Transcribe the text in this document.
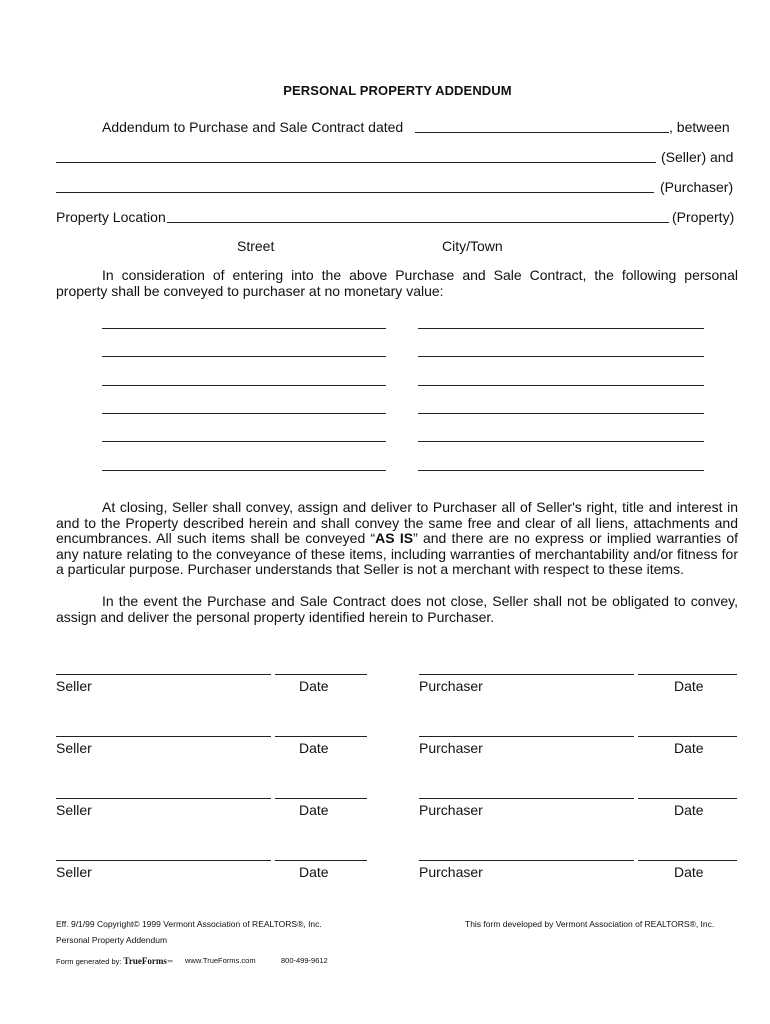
PERSONAL PROPERTY ADDENDUM
Addendum to Purchase and Sale Contract dated	, between
(Seller) and
(Purchaser)
Property Location	(Property)
Street	City/Town
In consideration of entering into the above Purchase and Sale Contract, the following personal property shall be conveyed to purchaser at no monetary value:
At closing, Seller shall convey, assign and deliver to Purchaser all of Seller's right, title and interest in and to the Property described herein and shall convey the same free and clear of all liens, attachments and encumbrances. All such items shall be conveyed “AS IS” and there are no express or implied warranties of any nature relating to the conveyance of these items, including warranties of merchantability and/or fitness for a particular purpose. Purchaser understands that Seller is not a merchant with respect to these items.
In the event the Purchase and Sale Contract does not close, Seller shall not be obligated to convey, assign and deliver the personal property identified herein to Purchaser.
Seller	Date	Purchaser	Date
Seller	Date	Purchaser	Date
Seller	Date	Purchaser	Date
Seller	Date	Purchaser	Date
Eff. 9/1/99 Copyright© 1999 Vermont Association of REALTORS®, Inc.	This form developed by Vermont Association of REALTORS®, Inc.
Personal Property Addendum
Form generated by: TrueForms™ www.TrueForms.com	800-499-9612
